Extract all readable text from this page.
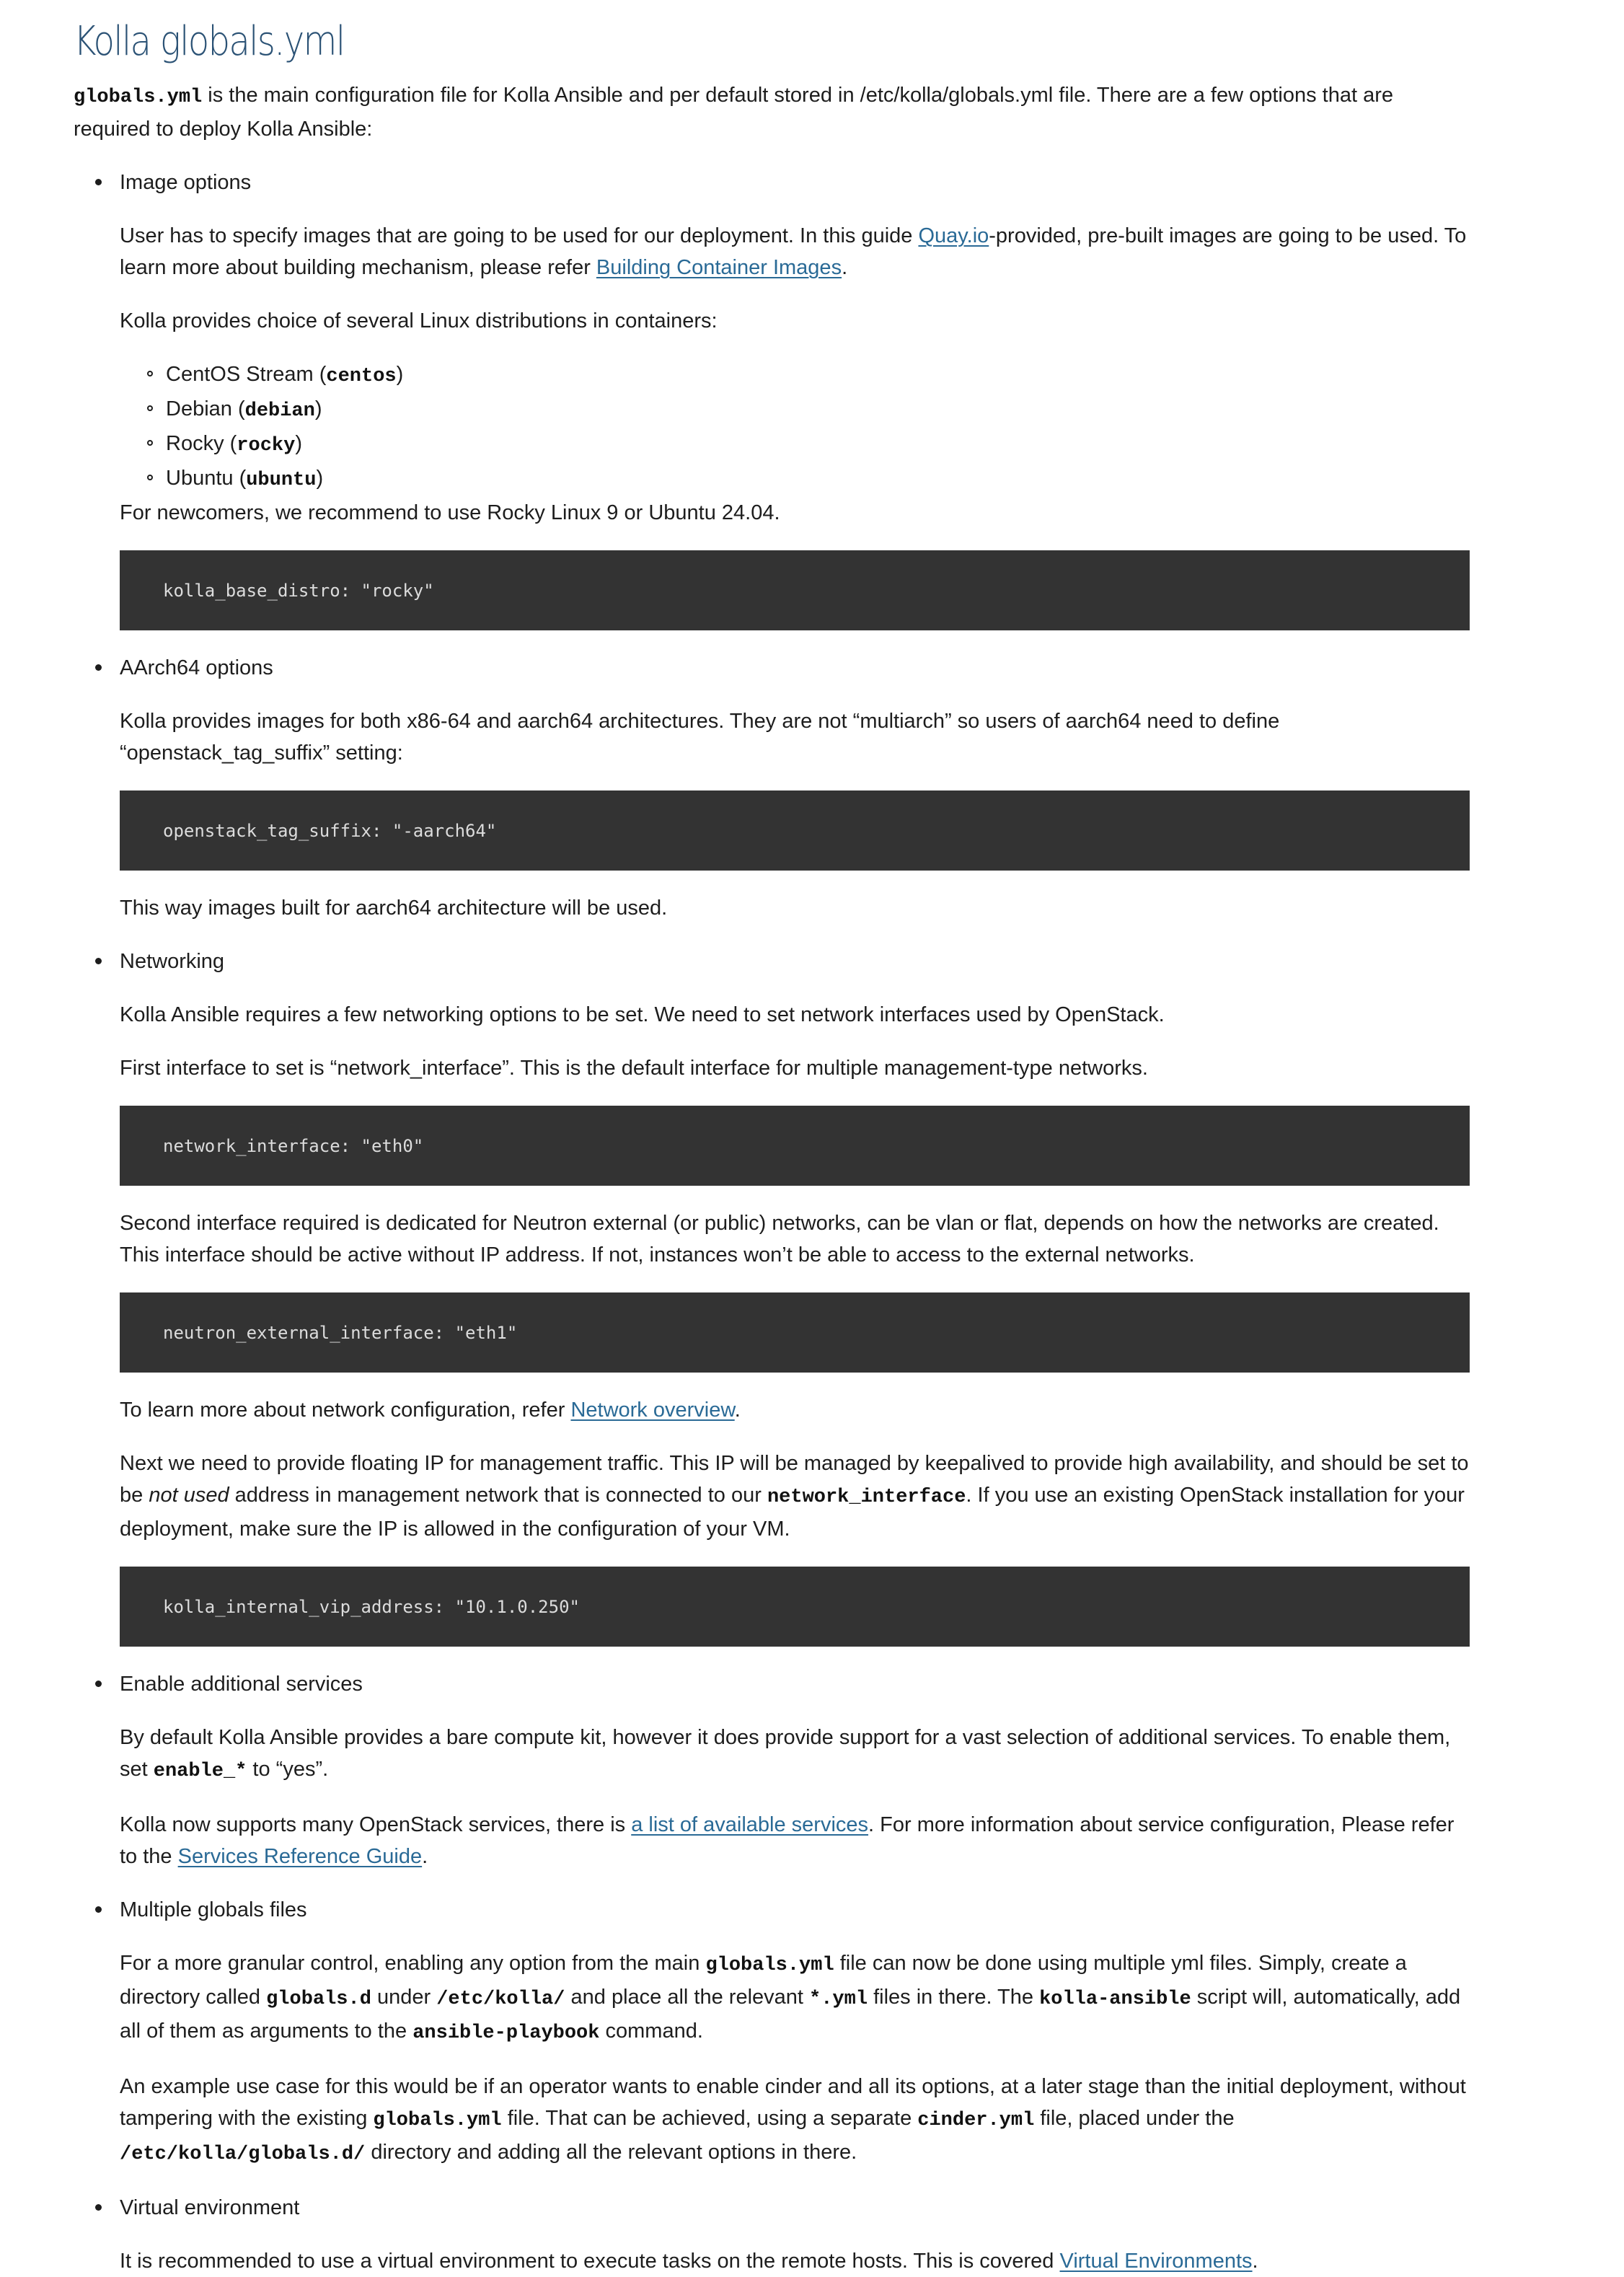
Kolla globals.yml

globals.yml is the main configuration file for Kolla Ansible and per default stored in /etc/kolla/globals.yml file. There are a few options that are required to deploy Kolla Ansible:

Image options

User has to specify images that are going to be used for our deployment. In this guide Quay.io-provided, pre-built images are going to be used. To learn more about building mechanism, please refer Building Container Images.

Kolla provides choice of several Linux distributions in containers:

CentOS Stream (centos)
Debian (debian)
Rocky (rocky)
Ubuntu (ubuntu)

For newcomers, we recommend to use Rocky Linux 9 or Ubuntu 24.04.

kolla_base_distro: "rocky"
AArch64 options

Kolla provides images for both x86-64 and aarch64 architectures. They are not “multiarch” so users of aarch64 need to define “openstack_tag_suffix” setting:

openstack_tag_suffix: "-aarch64"

This way images built for aarch64 architecture will be used.

Networking

Kolla Ansible requires a few networking options to be set. We need to set network interfaces used by OpenStack.

First interface to set is “network_interface”. This is the default interface for multiple management-type networks.

network_interface: "eth0"

Second interface required is dedicated for Neutron external (or public) networks, can be vlan or flat, depends on how the networks are created. This interface should be active without IP address. If not, instances won’t be able to access to the external networks.

neutron_external_interface: "eth1"

To learn more about network configuration, refer Network overview.

Next we need to provide floating IP for management traffic. This IP will be managed by keepalived to provide high availability, and should be set to be not used address in management network that is connected to our network_interface. If you use an existing OpenStack installation for your deployment, make sure the IP is allowed in the configuration of your VM.

kolla_internal_vip_address: "10.1.0.250"
Enable additional services

By default Kolla Ansible provides a bare compute kit, however it does provide support for a vast selection of additional services. To enable them, set enable_* to “yes”.

Kolla now supports many OpenStack services, there is a list of available services. For more information about service configuration, Please refer to the Services Reference Guide.

Multiple globals files

For a more granular control, enabling any option from the main globals.yml file can now be done using multiple yml files. Simply, create a directory called globals.d under /etc/kolla/ and place all the relevant *.yml files in there. The kolla-ansible script will, automatically, add all of them as arguments to the ansible-playbook command.

An example use case for this would be if an operator wants to enable cinder and all its options, at a later stage than the initial deployment, without tampering with the existing globals.yml file. That can be achieved, using a separate cinder.yml file, placed under the /etc/kolla/globals.d/ directory and adding all the relevant options in there.

Virtual environment

It is recommended to use a virtual environment to execute tasks on the remote hosts. This is covered Virtual Environments.
